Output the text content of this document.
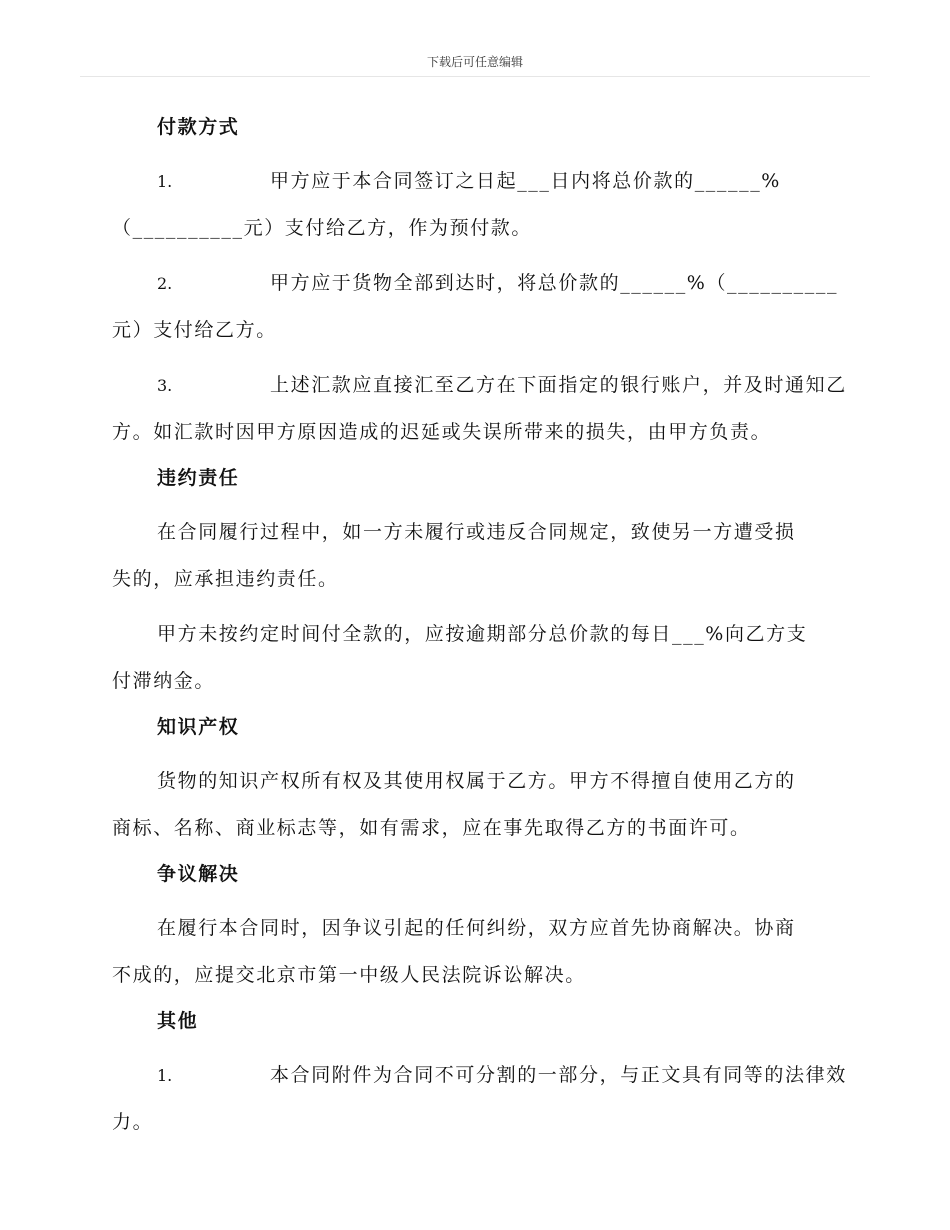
下载后可任意编辑
付款方式
1.	甲方应于本合同签订之日起___日内将总价款的______%
（__________元）支付给乙方，作为预付款。
2.	甲方应于货物全部到达时，将总价款的______%（__________
元）支付给乙方。
3.	上述汇款应直接汇至乙方在下面指定的银行账户，并及时通知乙
方。如汇款时因甲方原因造成的迟延或失误所带来的损失，由甲方负责。
违约责任
在合同履行过程中，如一方未履行或违反合同规定，致使另一方遭受损
失的，应承担违约责任。
甲方未按约定时间付全款的，应按逾期部分总价款的每日___%向乙方支
付滞纳金。
知识产权
货物的知识产权所有权及其使用权属于乙方。甲方不得擅自使用乙方的
商标、名称、商业标志等，如有需求，应在事先取得乙方的书面许可。
争议解决
在履行本合同时，因争议引起的任何纠纷，双方应首先协商解决。协商
不成的，应提交北京市第一中级人民法院诉讼解决。
其他
1.	本合同附件为合同不可分割的一部分，与正文具有同等的法律效
力。
